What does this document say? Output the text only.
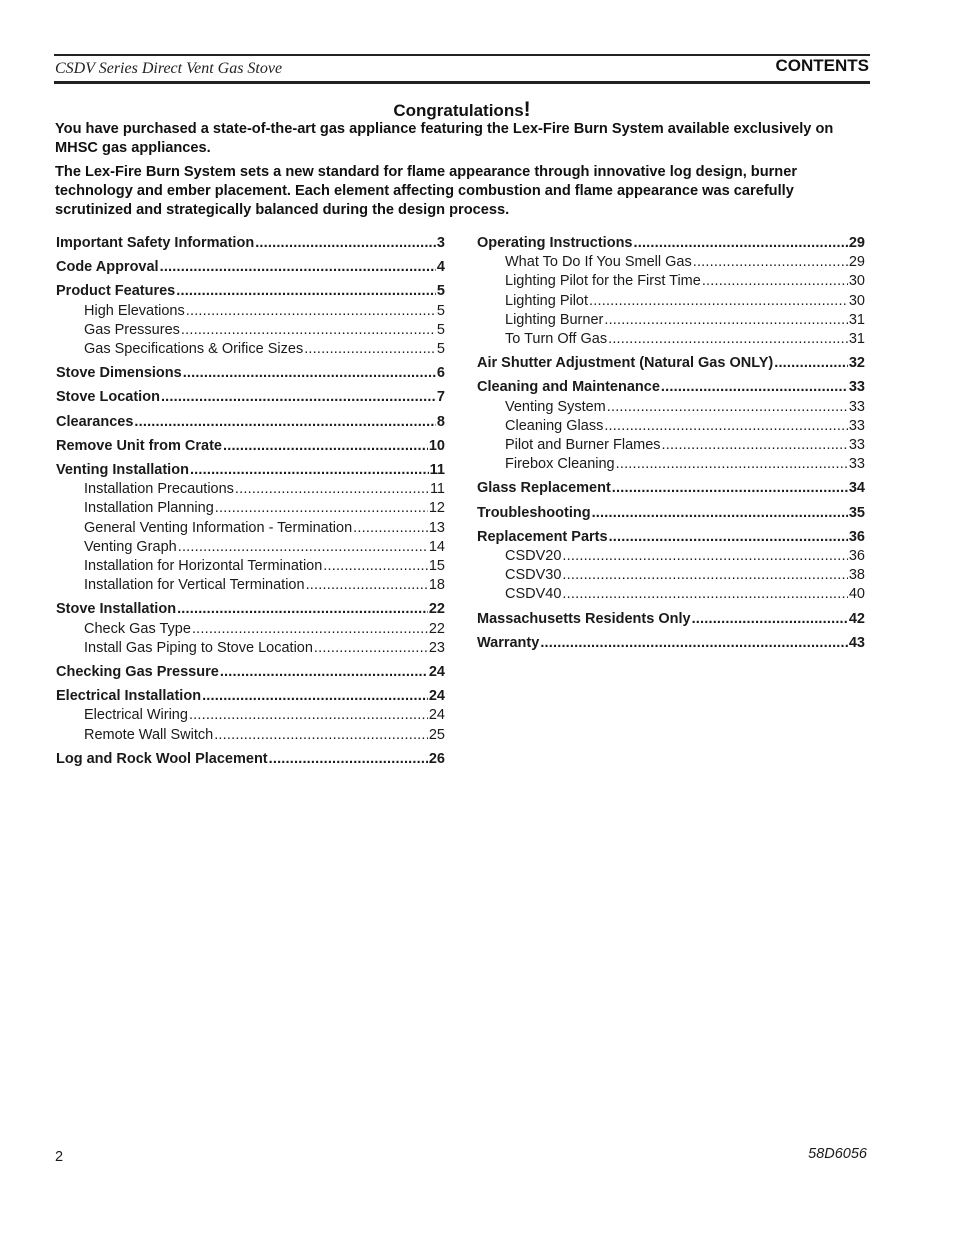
CSDV Series Direct Vent Gas Stove	CONTENTS
Congratulations!
You have purchased a state-of-the-art gas appliance featuring the Lex-Fire Burn System available exclusively on MHSC gas appliances.
The Lex-Fire Burn System sets a new standard for flame appearance through innovative log design, burner technology and ember placement. Each element affecting combustion and flame appearance was carefully scrutinized and strategically balanced during the design process.
Important Safety Information .....	3
Code Approval .....	4
Product Features .....	5
High Elevations .....	5
Gas Pressures .....	5
Gas Specifications & Orifice Sizes .....	5
Stove Dimensions .....	6
Stove Location .....	7
Clearances .....	8
Remove Unit from Crate .....	10
Venting Installation .....	11
Installation Precautions .....	11
Installation Planning .....	12
General Venting Information - Termination .....	13
Venting Graph .....	14
Installation for Horizontal Termination .....	15
Installation for Vertical Termination .....	18
Stove Installation .....	22
Check Gas Type .....	22
Install Gas Piping to Stove Location .....	23
Checking Gas Pressure .....	24
Electrical Installation .....	24
Electrical Wiring .....	24
Remote Wall Switch .....	25
Log and Rock Wool Placement .....	26
Operating Instructions .....	29
What To Do If You Smell Gas .....	29
Lighting Pilot for the First Time .....	30
Lighting Pilot .....	30
Lighting Burner .....	31
To Turn Off Gas .....	31
Air Shutter Adjustment (Natural Gas ONLY) .....	32
Cleaning and Maintenance .....	33
Venting System .....	33
Cleaning Glass .....	33
Pilot and Burner Flames .....	33
Firebox Cleaning .....	33
Glass Replacement .....	34
Troubleshooting .....	35
Replacement Parts .....	36
CSDV20 .....	36
CSDV30 .....	38
CSDV40 .....	40
Massachusetts Residents Only .....	42
Warranty .....	43
2	58D6056
